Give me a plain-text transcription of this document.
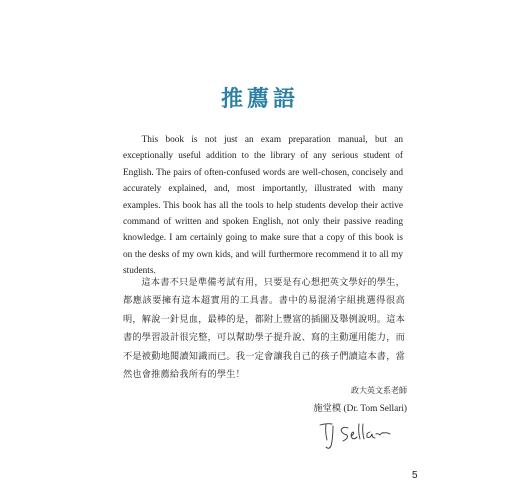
推薦語

This book is not just an exam preparation manual, but an exceptionally useful addition to the library of any serious student of English. The pairs of often-confused words are well-chosen, concisely and accurately explained, and, most importantly, illustrated with many examples. This book has all the tools to help students develop their active command of written and spoken English, not only their passive reading knowledge. I am certainly going to make sure that a copy of this book is on the desks of my own kids, and will furthermore recommend it to all my students.

這本書不只是準備考試有用，只要是有心想把英文學好的學生，都應該要擁有這本超實用的工具書。書中的易混淆字組挑選得很高明，解說一針見血，最棒的是，都附上豐富的插圖及舉例說明。這本書的學習設計很完整，可以幫助學子提升說、寫的主動運用能力，而不是被動地閱讀知識而已。我一定會讓我自己的孩子們讀這本書，當然也會推薦給我所有的學生！

政大英文系老師
施堂模 (Dr. Tom Sellari)
5
